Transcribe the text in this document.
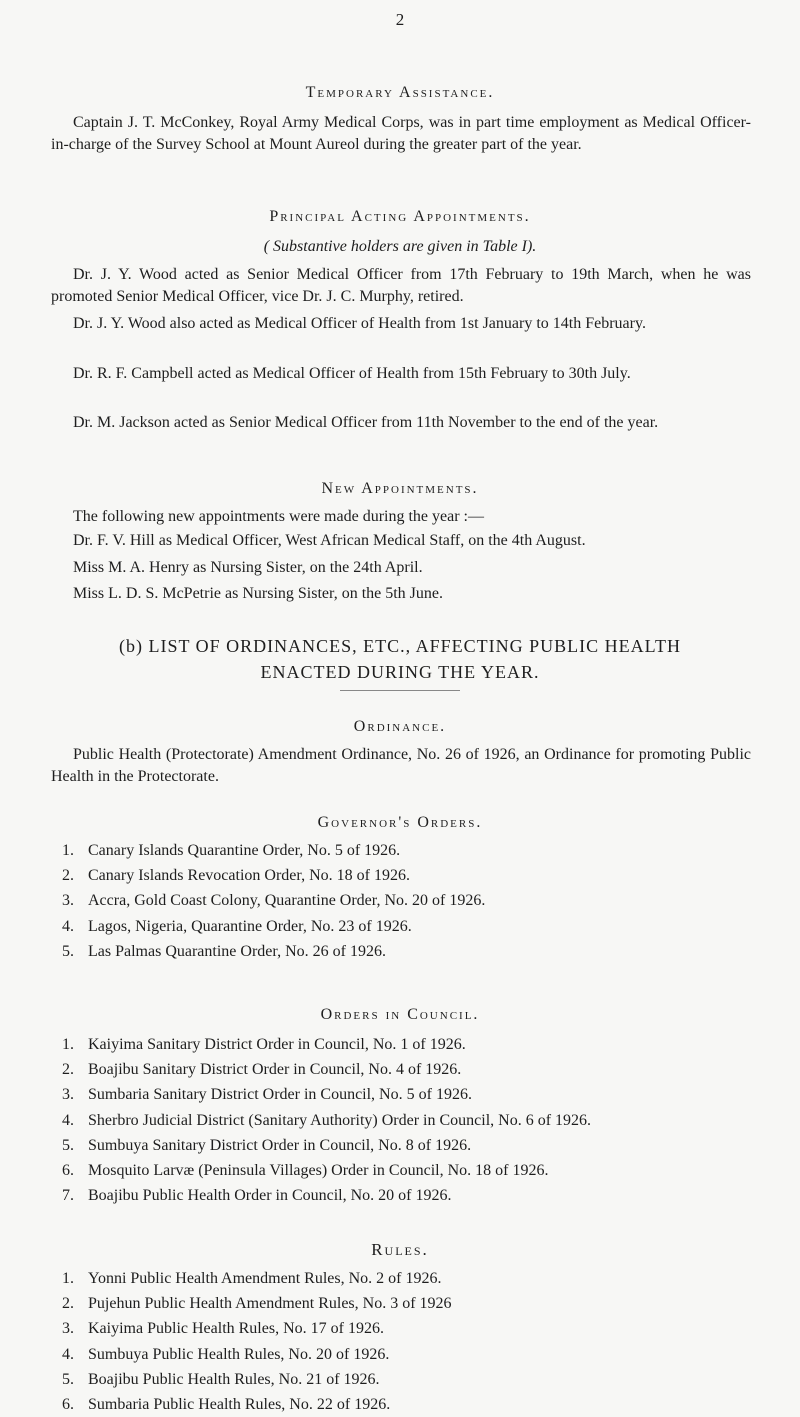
2
Temporary Assistance.
Captain J. T. McConkey, Royal Army Medical Corps, was in part time employment as Medical Officer-in-charge of the Survey School at Mount Aureol during the greater part of the year.
Principal Acting Appointments.
( Substantive holders are given in Table I).
Dr. J. Y. Wood acted as Senior Medical Officer from 17th February to 19th March, when he was promoted Senior Medical Officer, vice Dr. J. C. Murphy, retired.
Dr. J. Y. Wood also acted as Medical Officer of Health from 1st January to 14th February.
Dr. R. F. Campbell acted as Medical Officer of Health from 15th February to 30th July.
Dr. M. Jackson acted as Senior Medical Officer from 11th November to the end of the year.
New Appointments.
The following new appointments were made during the year :—
Dr. F. V. Hill as Medical Officer, West African Medical Staff, on the 4th August.
Miss M. A. Henry as Nursing Sister, on the 24th April.
Miss L. D. S. McPetrie as Nursing Sister, on the 5th June.
(b) LIST OF ORDINANCES, ETC., AFFECTING PUBLIC HEALTH
ENACTED DURING THE YEAR.
Ordinance.
Public Health (Protectorate) Amendment Ordinance, No. 26 of 1926, an Ordinance for promoting Public Health in the Protectorate.
Governor's Orders.
1. Canary Islands Quarantine Order, No. 5 of 1926.
2. Canary Islands Revocation Order, No. 18 of 1926.
3. Accra, Gold Coast Colony, Quarantine Order, No. 20 of 1926.
4. Lagos, Nigeria, Quarantine Order, No. 23 of 1926.
5. Las Palmas Quarantine Order, No. 26 of 1926.
Orders in Council.
1. Kaiyima Sanitary District Order in Council, No. 1 of 1926.
2. Boajibu Sanitary District Order in Council, No. 4 of 1926.
3. Sumbaria Sanitary District Order in Council, No. 5 of 1926.
4. Sherbro Judicial District (Sanitary Authority) Order in Council, No. 6 of 1926.
5. Sumbuya Sanitary District Order in Council, No. 8 of 1926.
6. Mosquito Larvæ (Peninsula Villages) Order in Council, No. 18 of 1926.
7. Boajibu Public Health Order in Council, No. 20 of 1926.
Rules.
1. Yonni Public Health Amendment Rules, No. 2 of 1926.
2. Pujehun Public Health Amendment Rules, No. 3 of 1926
3. Kaiyima Public Health Rules, No. 17 of 1926.
4. Sumbuya Public Health Rules, No. 20 of 1926.
5. Boajibu Public Health Rules, No. 21 of 1926.
6. Sumbaria Public Health Rules, No. 22 of 1926.
